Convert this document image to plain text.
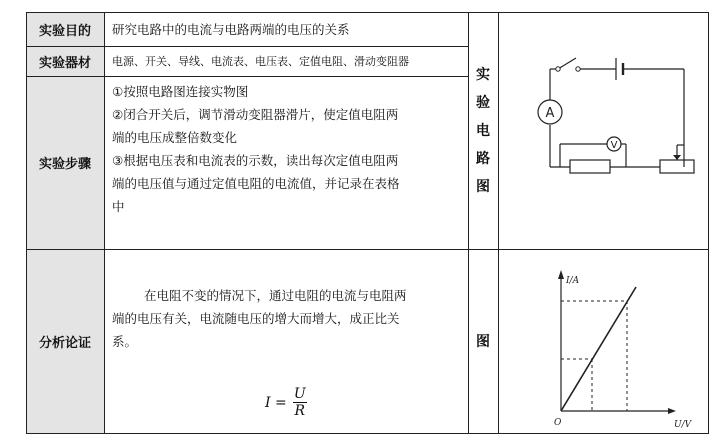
实验目的
实验器材
实验步骤
分析论证
研究电路中的电流与电路两端的电压的关系
电源、开关、导线、电流表、电压表、定值电阻、滑动变阻器
①按照电路图连接实物图
②闭合开关后，调节滑动变阻器滑片，使定值电阻两
端的电压成整倍数变化
③根据电压表和电流表的示数，读出每次定值电阻两
端的电压值与通过定值电阻的电流值，并记录在表格
中
在电阻不变的情况下，通过电阻的电流与电阻两
端的电压有关，电流随电压的增大而增大，成正比关
系。
$I = \frac{U}{R}$
实
验
电
路
图
图
A
V
I/A
U/V
O
